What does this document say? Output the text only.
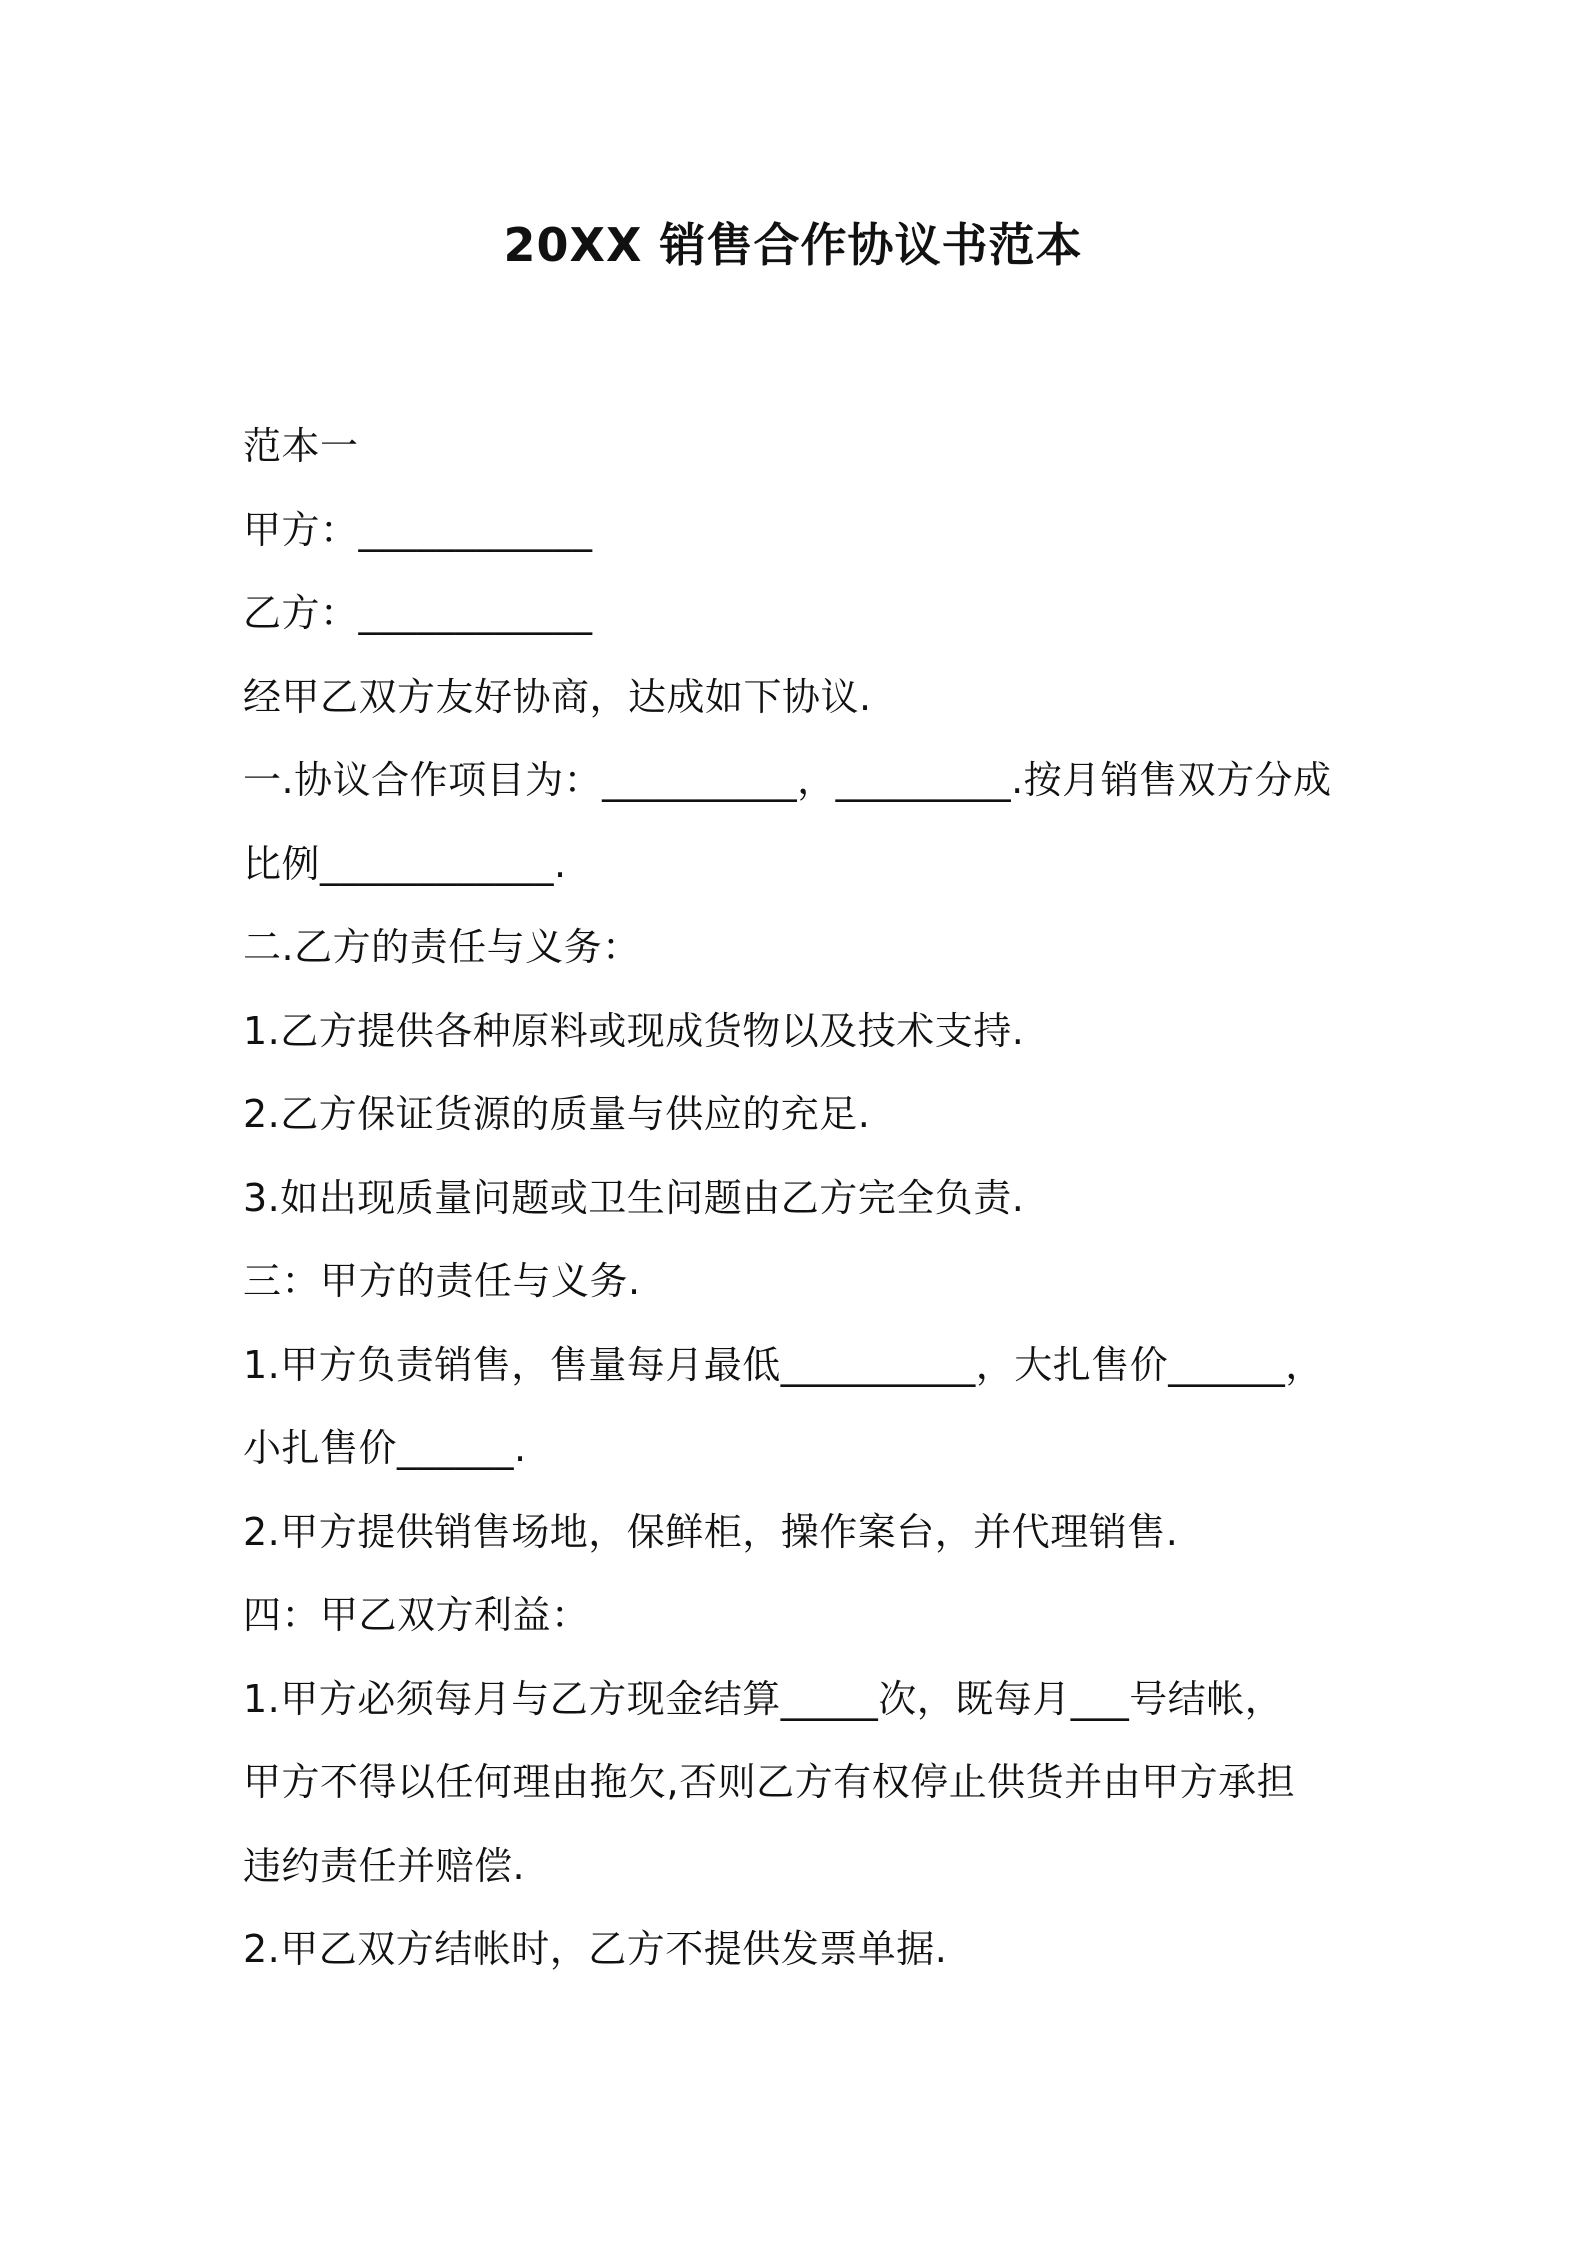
20XX 销售合作协议书范本
范本一
甲方：____________
乙方：____________
经甲乙双方友好协商，达成如下协议.
一.协议合作项目为：__________，_________.按月销售双方分成
比例____________.
二.乙方的责任与义务：
1.乙方提供各种原料或现成货物以及技术支持.
2.乙方保证货源的质量与供应的充足.
3.如出现质量问题或卫生问题由乙方完全负责.
三：甲方的责任与义务.
1.甲方负责销售，售量每月最低__________，大扎售价______，
小扎售价______.
2.甲方提供销售场地，保鲜柜，操作案台，并代理销售.
四：甲乙双方利益：
1.甲方必须每月与乙方现金结算_____次，既每月___号结帐，
甲方不得以任何理由拖欠,否则乙方有权停止供货并由甲方承担
违约责任并赔偿.
2.甲乙双方结帐时，乙方不提供发票单据.
